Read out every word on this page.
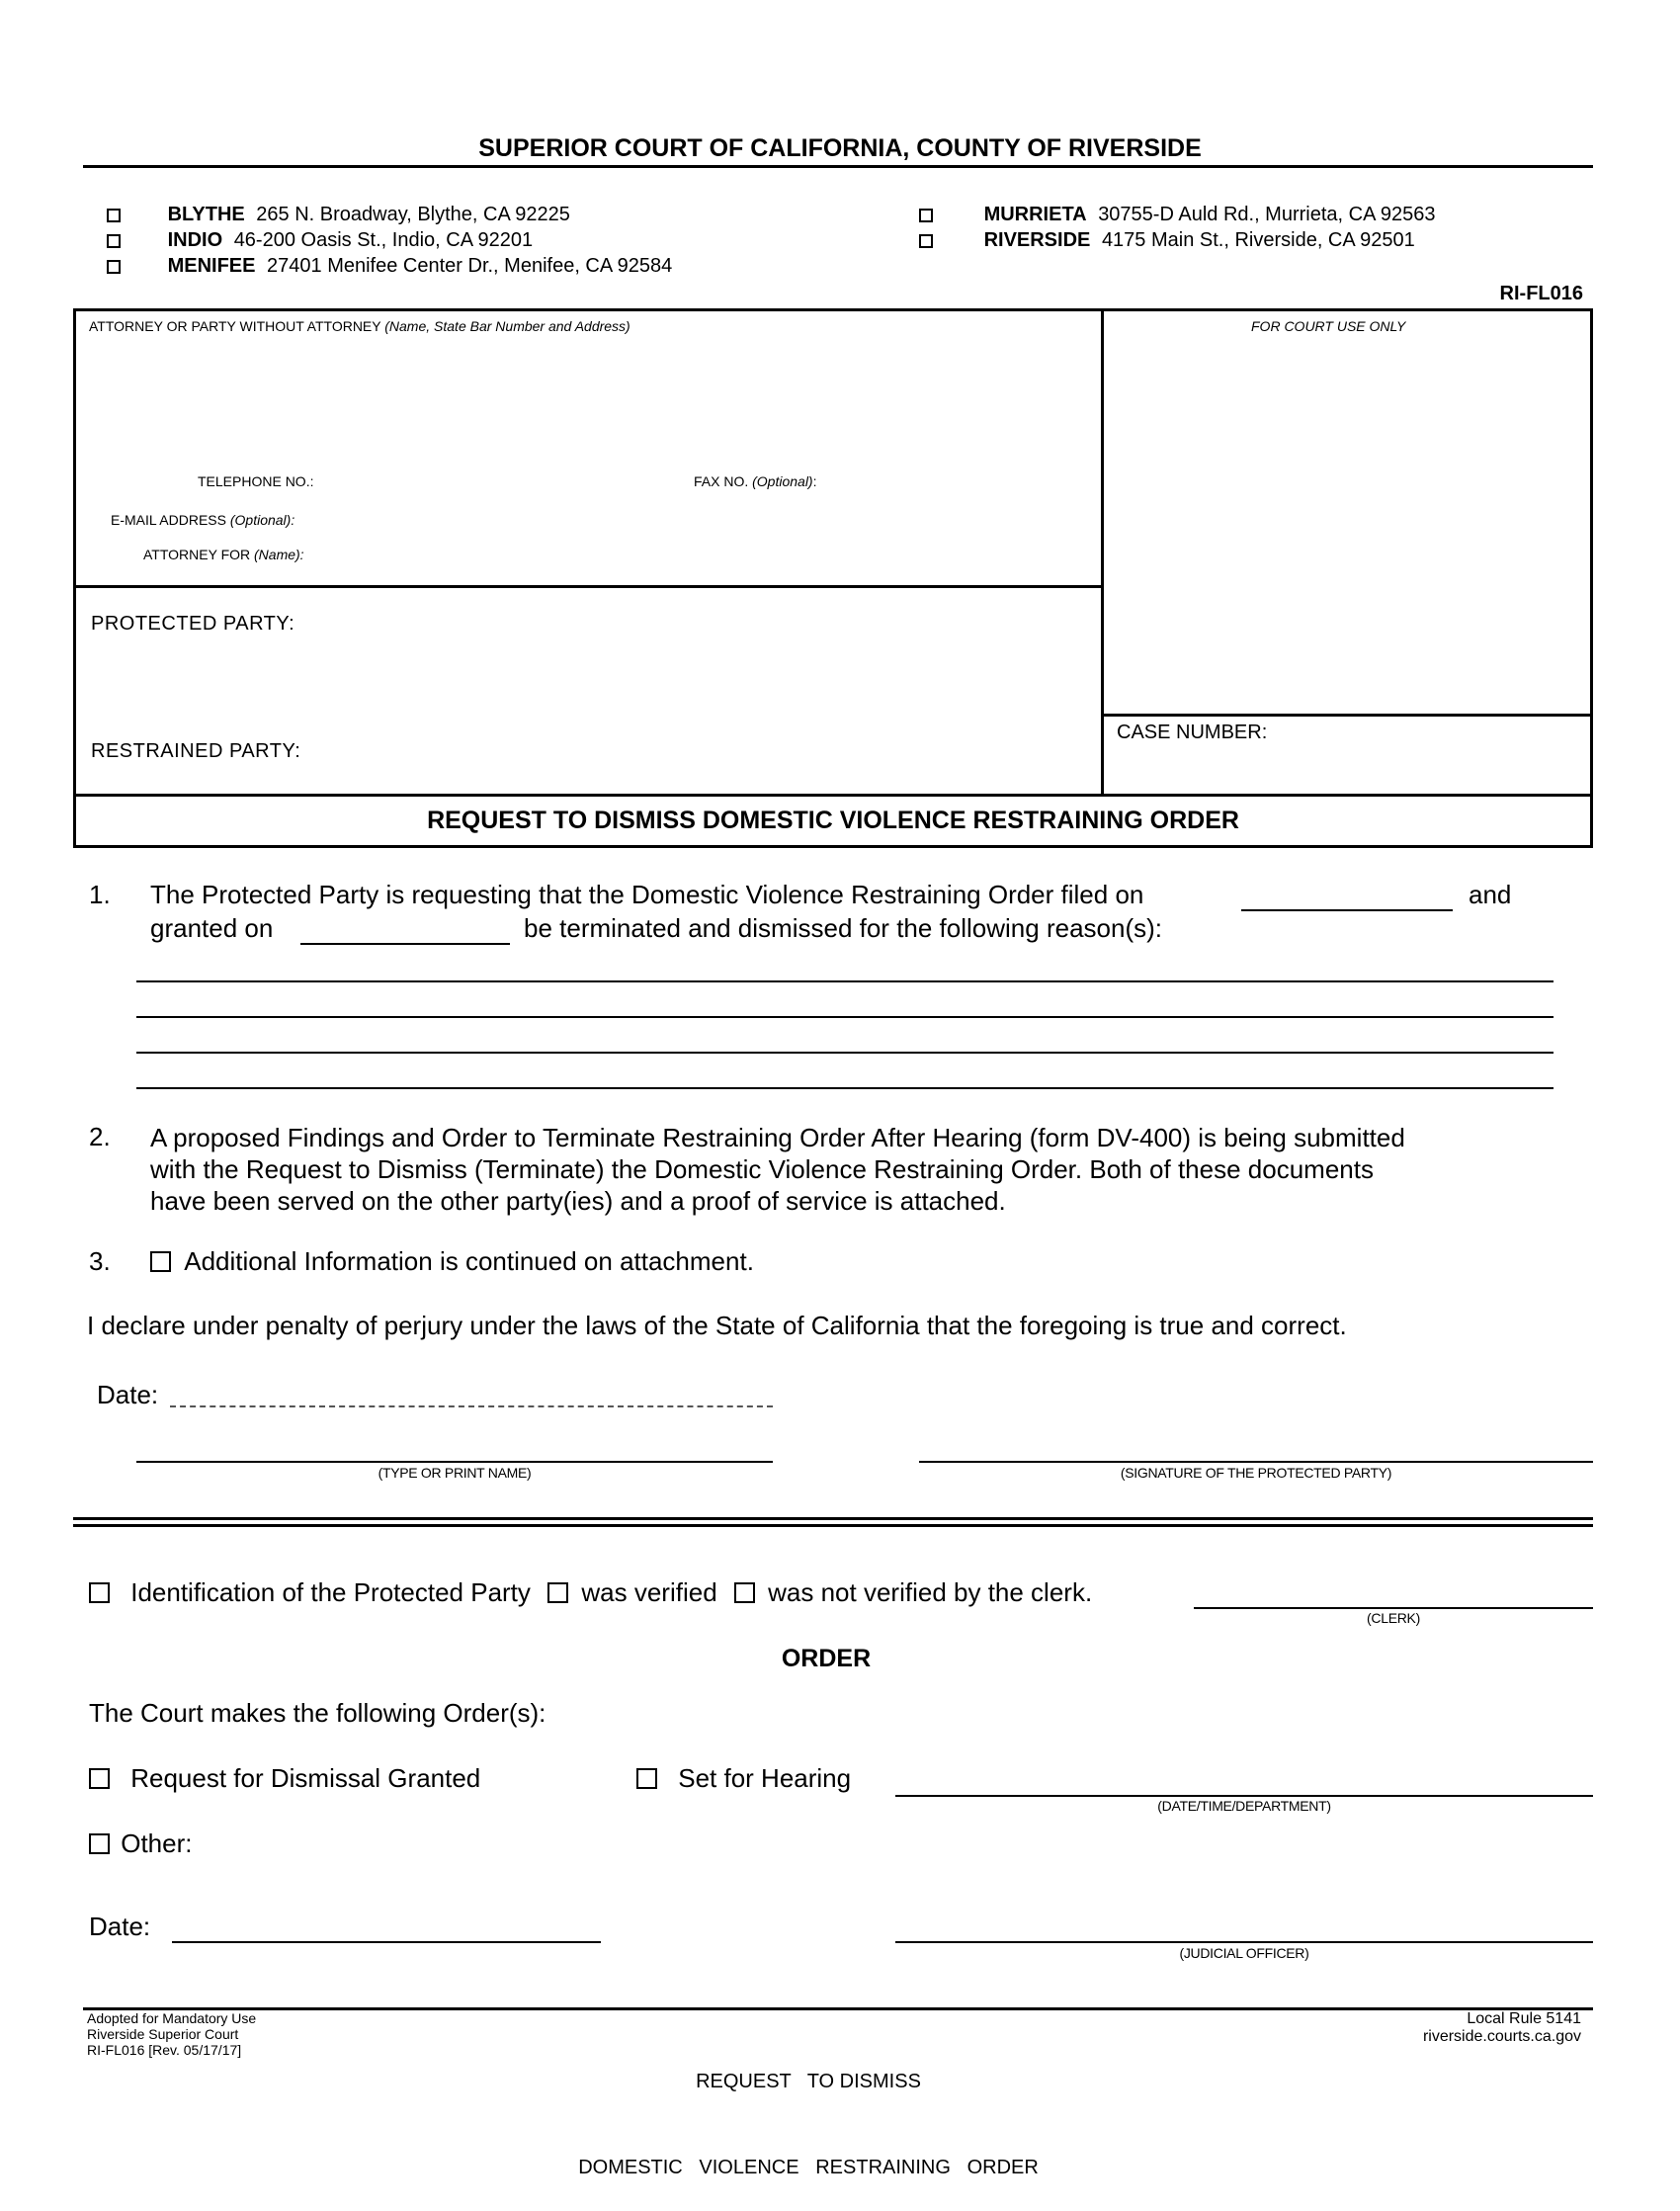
SUPERIOR COURT OF CALIFORNIA, COUNTY OF RIVERSIDE
BLYTHE 265 N. Broadway, Blythe, CA 92225
INDIO 46-200 Oasis St., Indio, CA 92201
MENIFEE 27401 Menifee Center Dr., Menifee, CA 92584
MURRIETA 30755-D Auld Rd., Murrieta, CA 92563
RIVERSIDE 4175 Main St., Riverside, CA 92501
RI-FL016
ATTORNEY OR PARTY WITHOUT ATTORNEY (Name, State Bar Number and Address)	FOR COURT USE ONLY
TELEPHONE NO.:	FAX NO. (Optional):
E-MAIL ADDRESS (Optional):
ATTORNEY FOR (Name):
PROTECTED PARTY:
RESTRAINED PARTY:
CASE NUMBER:
REQUEST TO DISMISS DOMESTIC VIOLENCE RESTRAINING ORDER
1. The Protected Party is requesting that the Domestic Violence Restraining Order filed on	and
granted on	be terminated and dismissed for the following reason(s):
2. A proposed Findings and Order to Terminate Restraining Order After Hearing (form DV-400) is being submitted
with the Request to Dismiss (Terminate) the Domestic Violence Restraining Order. Both of these documents
have been served on the other party(ies) and a proof of service is attached.
3.	Additional Information is continued on attachment.
I declare under penalty of perjury under the laws of the State of California that the foregoing is true and correct.
Date:
(TYPE OR PRINT NAME)	(SIGNATURE OF THE PROTECTED PARTY)
Identification of the Protected Party was verified was not verified by the clerk.
(CLERK)
ORDER
The Court makes the following Order(s):
Request for Dismissal Granted	Set for Hearing
(DATE/TIME/DEPARTMENT)
Other:
Date:
(JUDICIAL OFFICER)
Adopted for Mandatory Use
Riverside Superior Court
RI-FL016 [Rev. 05/17/17]

REQUEST   TO DISMISS

DOMESTIC   VIOLENCE   RESTRAINING   ORDER

Local Rule 5141
riverside.courts.ca.gov
